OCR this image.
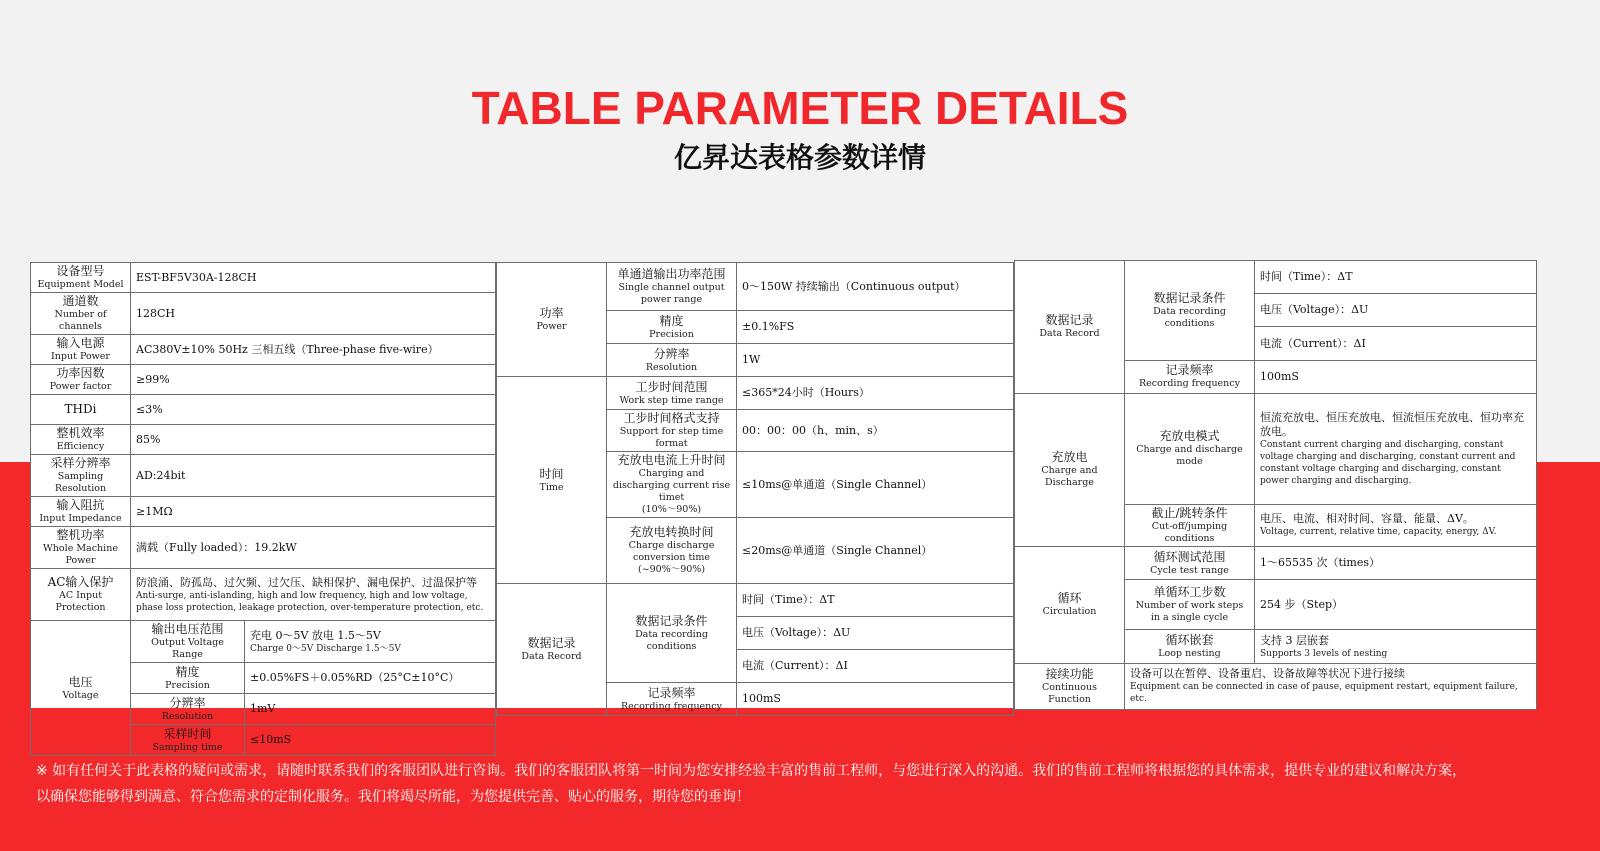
TABLE PARAMETER DETAILS
亿昇达表格参数详情
设备型号
Equipment Model	EST-BF5V30A-128CH	

通道数
Number of channels	128CH	

输入电源
Input Power	AC380V±10% 50Hz 三相五线（Three-phase five-wire）	

功率因数
Power factor	≥99%	

THDi	≤3%	

整机效率
Efficiency	85%	

采样分辨率
Sampling Resolution	AD:24bit	

输入阻抗
Input Impedance	≥1MΩ	

整机功率
Whole Machine Power	满载（Fully loaded）：19.2kW	

AC输入保护
AC Input Protection	防浪涌、防孤岛、过欠频、过欠压、缺相保护、漏电保护、过温保护等
Anti-surge, anti-islanding, high and low frequency, high and low voltage, phase loss protection, leakage protection, over-temperature protection, etc.	

电压
Voltage	输出电压范围
Output Voltage Range	充电 0～5V 放电 1.5～5V
Charge 0～5V Discharge 1.5～5V

	精度
Precision	±0.05%FS＋0.05%RD（25°C±10°C）

	分辨率
Resolution	1mV

	采样时间
Sampling time	≤10mS
功率
Power	单通道输出功率范围
Single channel output power range	0～150W 持续输出（Continuous output）

	精度
Precision	±0.1%FS

	分辨率
Resolution	1W

时间
Time	工步时间范围
Work step time range	≤365*24小时（Hours）

	工步时间格式支持
Support for step time format	00：00：00（h、min、s）

	充放电电流上升时间
Charging and discharging current rise timet
(10%～90%)	≤10ms@单通道（Single Channel）

	充放电转换时间
Charge discharge conversion time
(~90%～90%)	≤20ms@单通道（Single Channel）

数据记录
Data Record	数据记录条件
Data recording conditions	时间（Time）：ΔT

		电压（Voltage）：ΔU

		电流（Current）：ΔI

	记录频率
Recording frequency	100mS
数据记录
Data Record	数据记录条件
Data recording conditions	时间（Time）：ΔT

		电压（Voltage）：ΔU

		电流（Current）：ΔI

	记录频率
Recording frequency	100mS

充放电
Charge and Discharge	充放电模式
Charge and discharge mode	恒流充放电、恒压充放电、恒流恒压充放电、恒功率充放电。
Constant current charging and discharging, constant voltage charging and discharging, constant current and constant voltage charging and discharging, constant power charging and discharging.

	截止/跳转条件
Cut-off/jumping conditions	电压、电流、相对时间、容量、能量、ΔV。
Voltage, current, relative time, capacity, energy, ΔV.

循环
Circulation	循环测试范围
Cycle test range	1～65535 次（times）

	单循环工步数
Number of work steps in a single cycle	254 步（Step）

	循环嵌套
Loop nesting	支持 3 层嵌套
Supports 3 levels of nesting

接续功能
Continuous Function	设备可以在暂停、设备重启、设备故障等状况下进行接续
Equipment can be connected in case of pause, equipment restart, equipment failure, etc.	
※ 如有任何关于此表格的疑问或需求，请随时联系我们的客服团队进行咨询。我们的客服团队将第一时间为您安排经验丰富的售前工程师，与您进行深入的沟通。我们的售前工程师将根据您的具体需求，提供专业的建议和解决方案，
以确保您能够得到满意、符合您需求的定制化服务。我们将竭尽所能，为您提供完善、贴心的服务，期待您的垂询！
